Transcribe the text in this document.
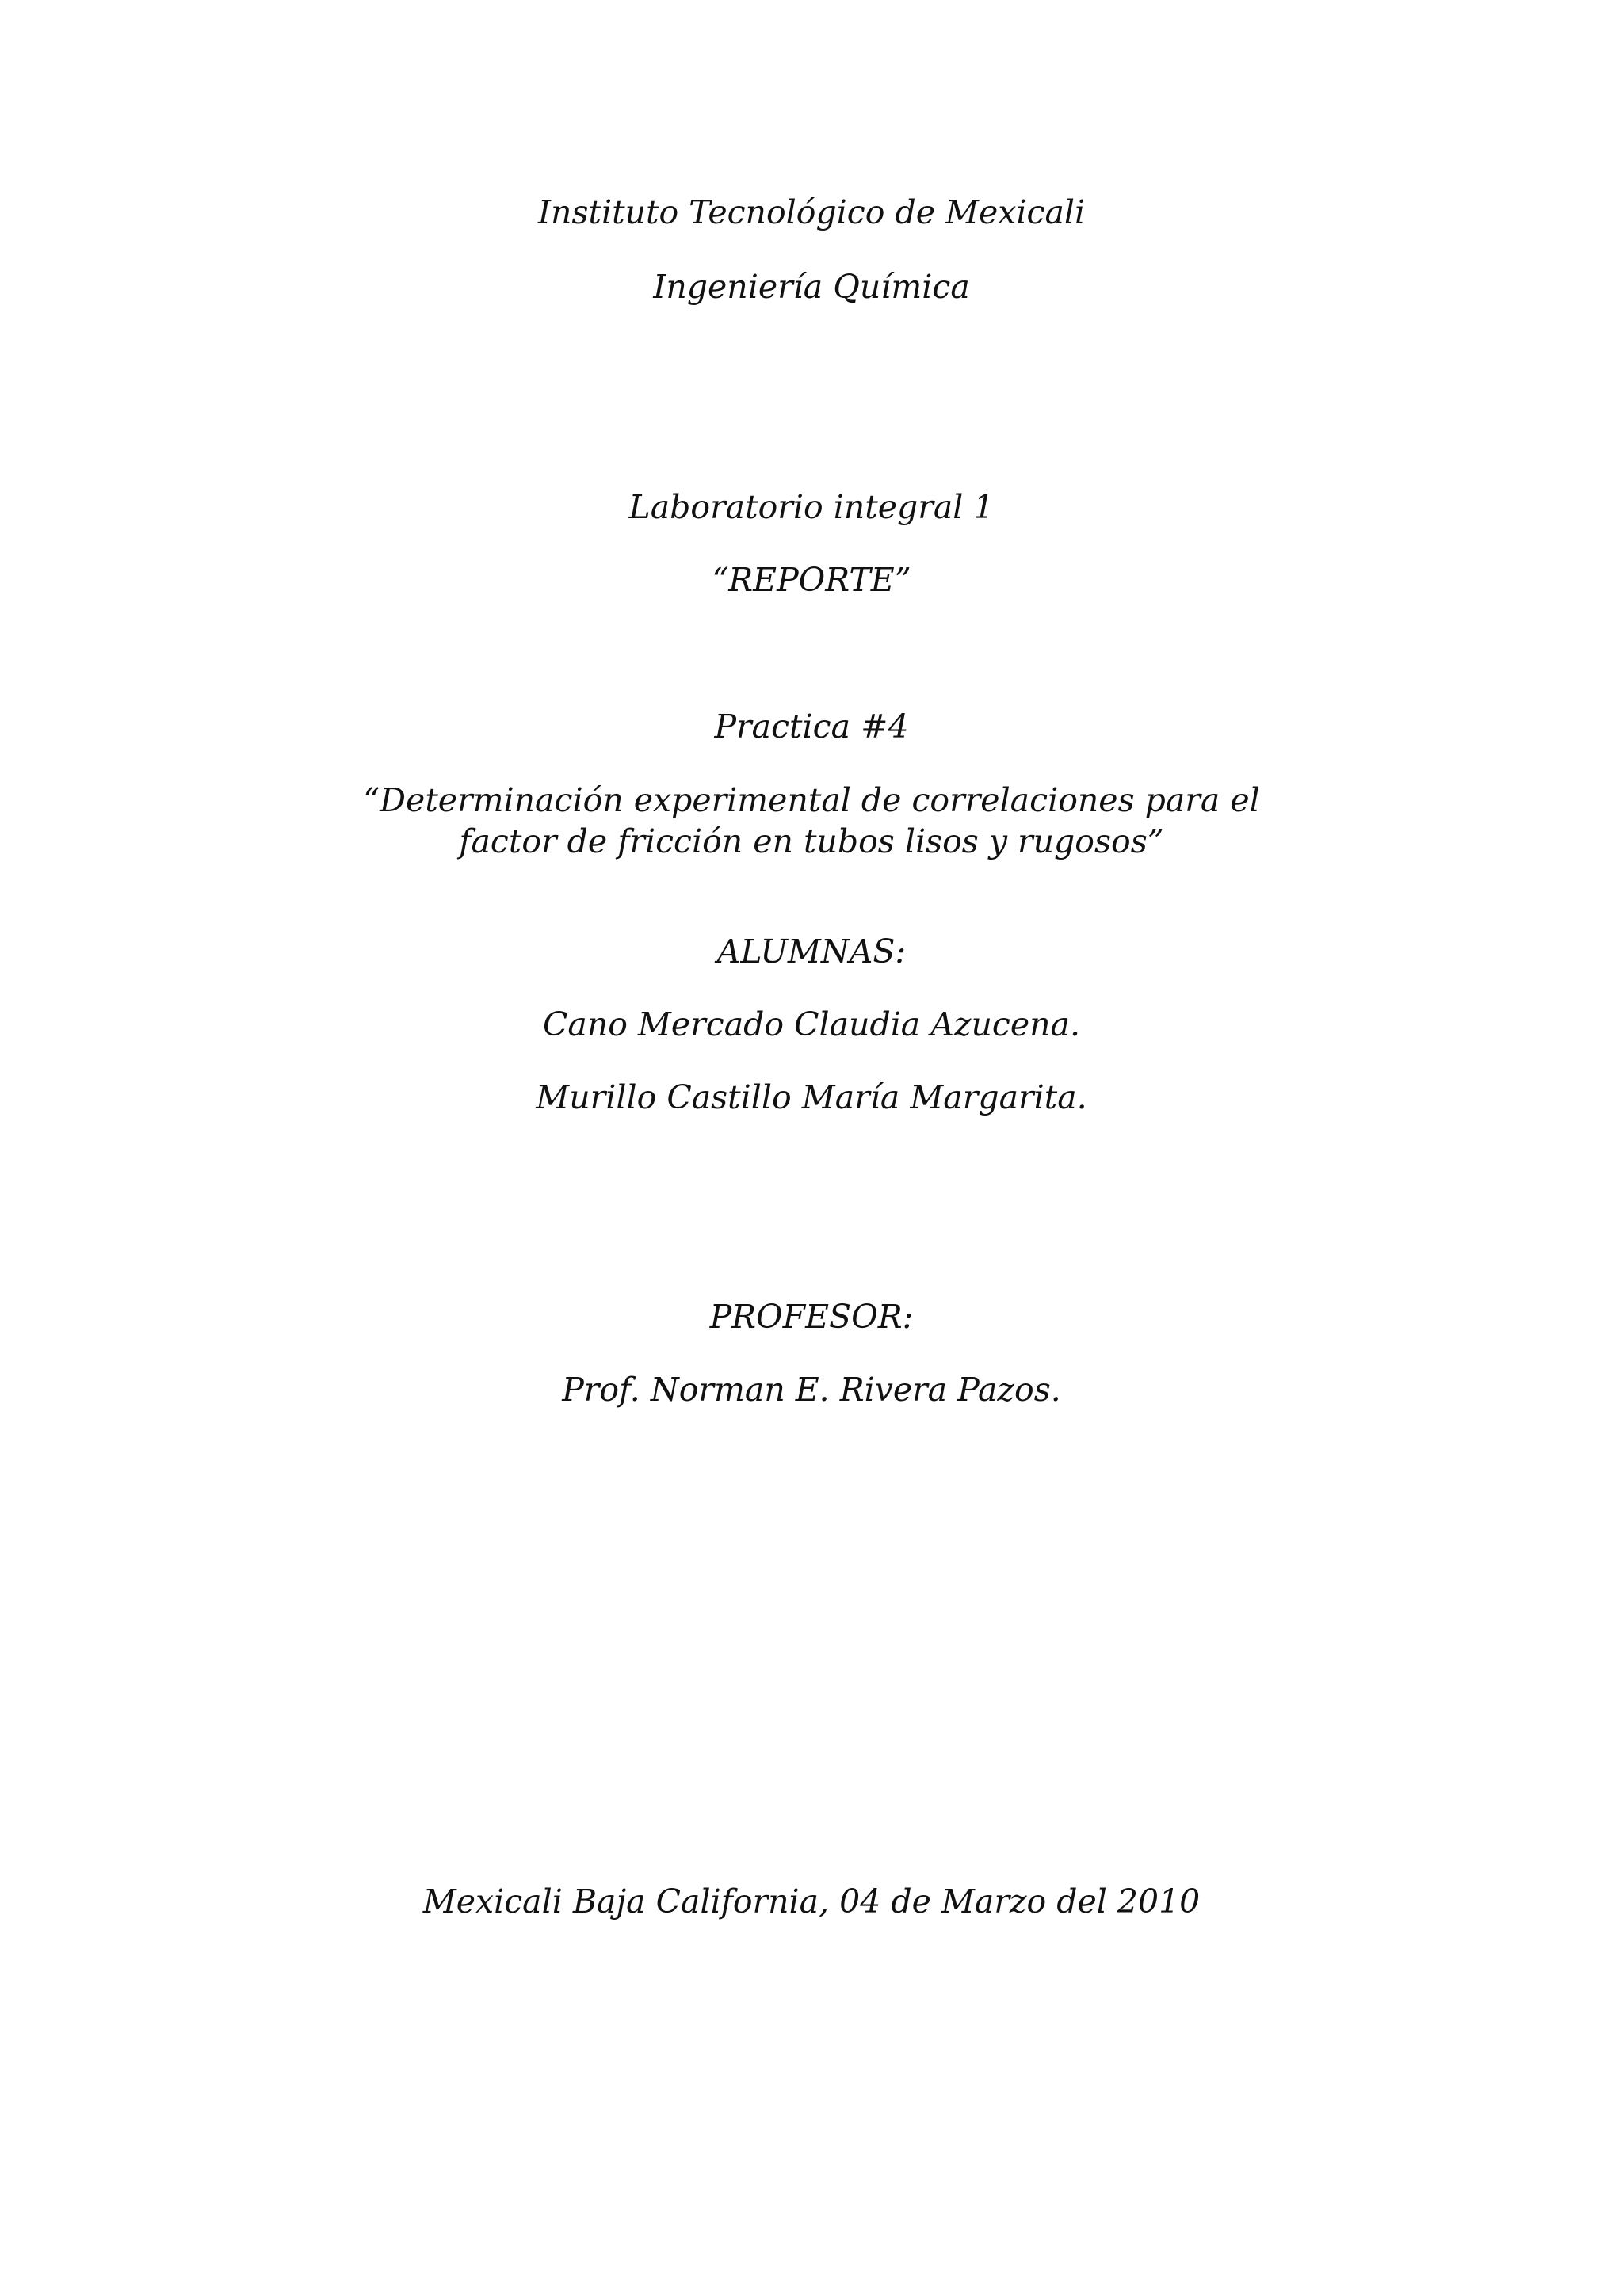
Instituto Tecnológico de Mexicali
Ingeniería Química
Laboratorio integral 1
“REPORTE”
Practica #4
“Determinación experimental de correlaciones para el
factor de fricción en tubos lisos y rugosos”
ALUMNAS:
Cano Mercado Claudia Azucena.
Murillo Castillo María Margarita.
PROFESOR:
Prof. Norman E. Rivera Pazos.
Mexicali Baja California, 04 de Marzo del 2010
